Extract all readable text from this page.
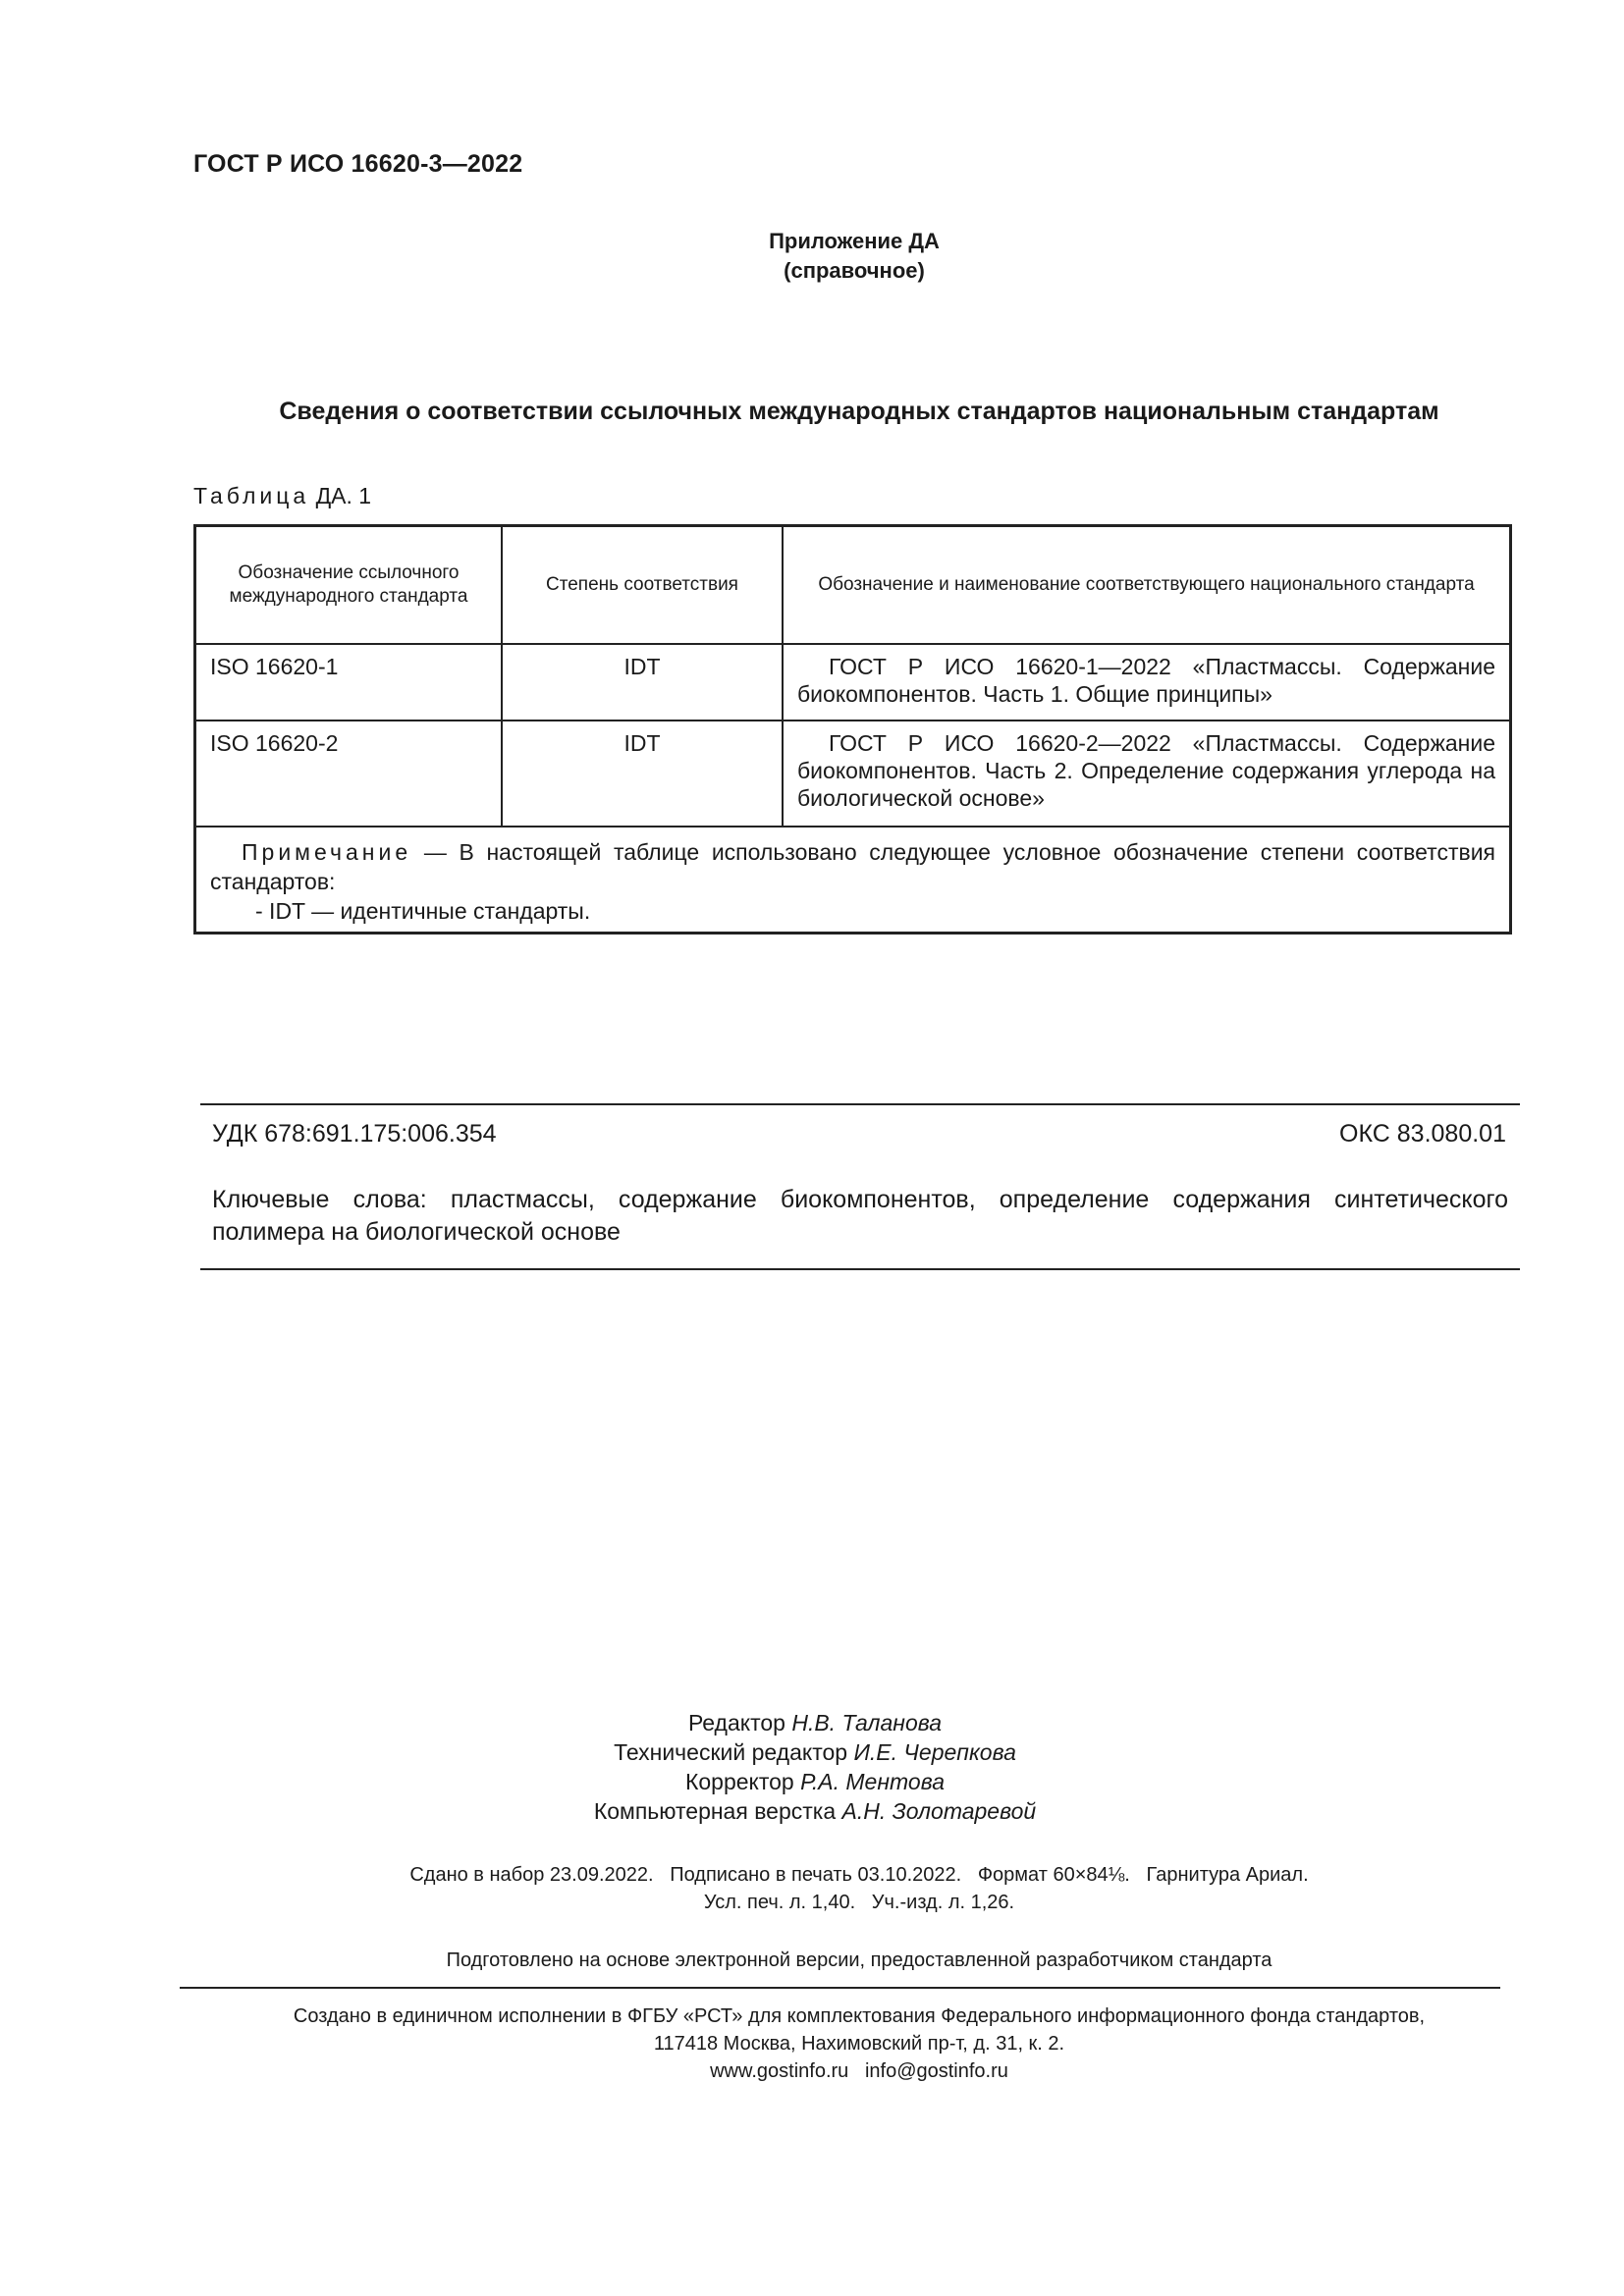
ГОСТ Р ИСО 16620-3—2022
Приложение ДА
(справочное)
Сведения о соответствии ссылочных международных стандартов национальным стандартам
Таблица ДА. 1
Обозначение ссылочного международного стандарта	Степень соответствия	Обозначение и наименование соответствующего национального стандарта
ISO 16620-1	IDT	ГОСТ Р ИСО 16620-1—2022 «Пластмассы. Содержание биокомпонентов. Часть 1. Общие принципы»
ISO 16620-2	IDT	ГОСТ Р ИСО 16620-2—2022 «Пластмассы. Содержание биокомпонентов. Часть 2. Определение содержания углерода на биологической основе»

Примечание — В настоящей таблице использовано следующее условное обозначение степени соответствия стандартов:
- IDT — идентичные стандарты.		
УДК 678:691.175:006.354	ОКС 83.080.01
Ключевые слова: пластмассы, содержание биокомпонентов, определение содержания синтетического полимера на биологической основе
Редактор Н.В. Таланова
Технический редактор И.Е. Черепкова
Корректор Р.А. Ментова
Компьютерная верстка А.Н. Золотаревой
Сдано в набор 23.09.2022.   Подписано в печать 03.10.2022.   Формат 60×84⅛.   Гарнитура Ариал.
Усл. печ. л. 1,40.   Уч.-изд. л. 1,26.
Подготовлено на основе электронной версии, предоставленной разработчиком стандарта
Создано в единичном исполнении в ФГБУ «РСТ» для комплектования Федерального информационного фонда стандартов,
117418 Москва, Нахимовский пр-т, д. 31, к. 2.
www.gostinfo.ru   info@gostinfo.ru
